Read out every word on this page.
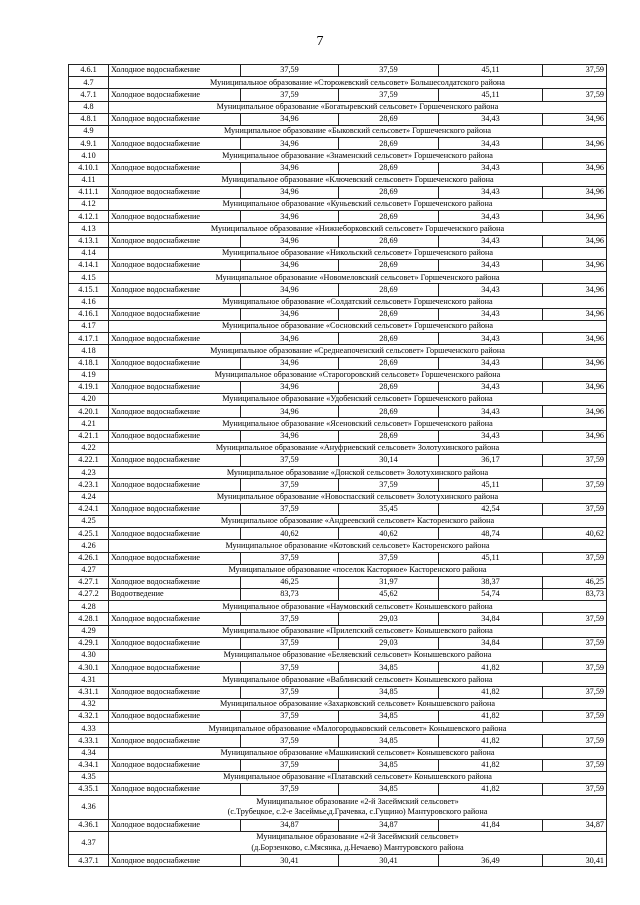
7
4.6.1	Холодное водоснабжение	37,59	37,59	45,11	37,59
4.7	Муниципальное образование «Сторожевский сельсовет» Большесолдатского района				
4.7.1	Холодное водоснабжение	37,59	37,59	45,11	37,59
4.8	Муниципальное образование «Богатыревский сельсовет» Горшеченского района				
4.8.1	Холодное водоснабжение	34,96	28,69	34,43	34,96
4.9	Муниципальное образование «Быковский сельсовет» Горшеченского района				
4.9.1	Холодное водоснабжение	34,96	28,69	34,43	34,96
4.10	Муниципальное образование «Знаменский сельсовет» Горшеченского района				
4.10.1	Холодное водоснабжение	34,96	28,69	34,43	34,96
4.11	Муниципальное образование «Ключевский сельсовет» Горшеченского района				
4.11.1	Холодное водоснабжение	34,96	28,69	34,43	34,96
4.12	Муниципальное образование «Куньевский сельсовет» Горшеченского района				
4.12.1	Холодное водоснабжение	34,96	28,69	34,43	34,96
4.13	Муниципальное образование «Нижнеборковский сельсовет» Горшеченского района				
4.13.1	Холодное водоснабжение	34,96	28,69	34,43	34,96
4.14	Муниципальное образование «Никольский сельсовет» Горшеченского района				
4.14.1	Холодное водоснабжение	34,96	28,69	34,43	34,96
4.15	Муниципальное образование «Новомеловский сельсовет» Горшеченского района				
4.15.1	Холодное водоснабжение	34,96	28,69	34,43	34,96
4.16	Муниципальное образование «Солдатский сельсовет» Горшеченского района				
4.16.1	Холодное водоснабжение	34,96	28,69	34,43	34,96
4.17	Муниципальное образование «Сосновский сельсовет» Горшеченского района				
4.17.1	Холодное водоснабжение	34,96	28,69	34,43	34,96
4.18	Муниципальное образование «Среднеапоченский сельсовет» Горшеченского района				
4.18.1	Холодное водоснабжение	34,96	28,69	34,43	34,96
4.19	Муниципальное образование «Старогоровский сельсовет» Горшеченского района				
4.19.1	Холодное водоснабжение	34,96	28,69	34,43	34,96
4.20	Муниципальное образование «Удобенский сельсовет» Горшеченского района				
4.20.1	Холодное водоснабжение	34,96	28,69	34,43	34,96
4.21	Муниципальное образование «Ясеновский сельсовет» Горшеченского района				
4.21.1	Холодное водоснабжение	34,96	28,69	34,43	34,96
4.22	Муниципальное образование «Ануфриевский сельсовет» Золотухинского района				
4.22.1	Холодное водоснабжение	37,59	30,14	36,17	37,59
4.23	Муниципальное образование «Донской сельсовет» Золотухинского района				
4.23.1	Холодное водоснабжение	37,59	37,59	45,11	37,59
4.24	Муниципальное образование «Новоспасский сельсовет» Золотухинского района				
4.24.1	Холодное водоснабжение	37,59	35,45	42,54	37,59
4.25	Муниципальное образование «Андреевский сельсовет» Касторенского района				
4.25.1	Холодное водоснабжение	40,62	40,62	48,74	40,62
4.26	Муниципальное образование «Котовский сельсовет» Касторенского района				
4.26.1	Холодное водоснабжение	37,59	37,59	45,11	37,59
4.27	Муниципальное образование «поселок Касторное» Касторенского района				
4.27.1	Холодное водоснабжение	46,25	31,97	38,37	46,25
4.27.2	Водоотведение	83,73	45,62	54,74	83,73
4.28	Муниципальное образование «Наумовский сельсовет» Конышевского района				
4.28.1	Холодное водоснабжение	37,59	29,03	34,84	37,59
4.29	Муниципальное образование «Прилепский сельсовет» Конышевского района				
4.29.1	Холодное водоснабжение	37,59	29,03	34,84	37,59
4.30	Муниципальное образование «Беляевский сельсовет» Конышевского района				
4.30.1	Холодное водоснабжение	37,59	34,85	41,82	37,59
4.31	Муниципальное образование «Ваблинский сельсовет» Конышевского района				
4.31.1	Холодное водоснабжение	37,59	34,85	41,82	37,59
4.32	Муниципальное образование «Захарковский сельсовет» Конышевского района				
4.32.1	Холодное водоснабжение	37,59	34,85	41,82	37,59
4.33	Муниципальное образование «Малогородьковский сельсовет» Конышевского района				
4.33.1	Холодное водоснабжение	37,59	34,85	41,82	37,59
4.34	Муниципальное образование «Машкинский сельсовет» Конышевского района				
4.34.1	Холодное водоснабжение	37,59	34,85	41,82	37,59
4.35	Муниципальное образование «Платавский сельсовет» Конышевского района				
4.35.1	Холодное водоснабжение	37,59	34,85	41,82	37,59
4.36	Муниципальное образование «2-й Засеймский сельсовет»
(с.Трубецкое, с.2-е Засеймье,д.Грачевка, с.Гущино) Мантуровского района				
4.36.1	Холодное водоснабжение	34,87	34,87	41,84	34,87
4.37	Муниципальное образование «2-й Засеймский сельсовет»
(д.Борзенково, с.Мясянка, д.Нечаево) Мантуровского района				
4.37.1	Холодное водоснабжение	30,41	30,41	36,49	30,41
